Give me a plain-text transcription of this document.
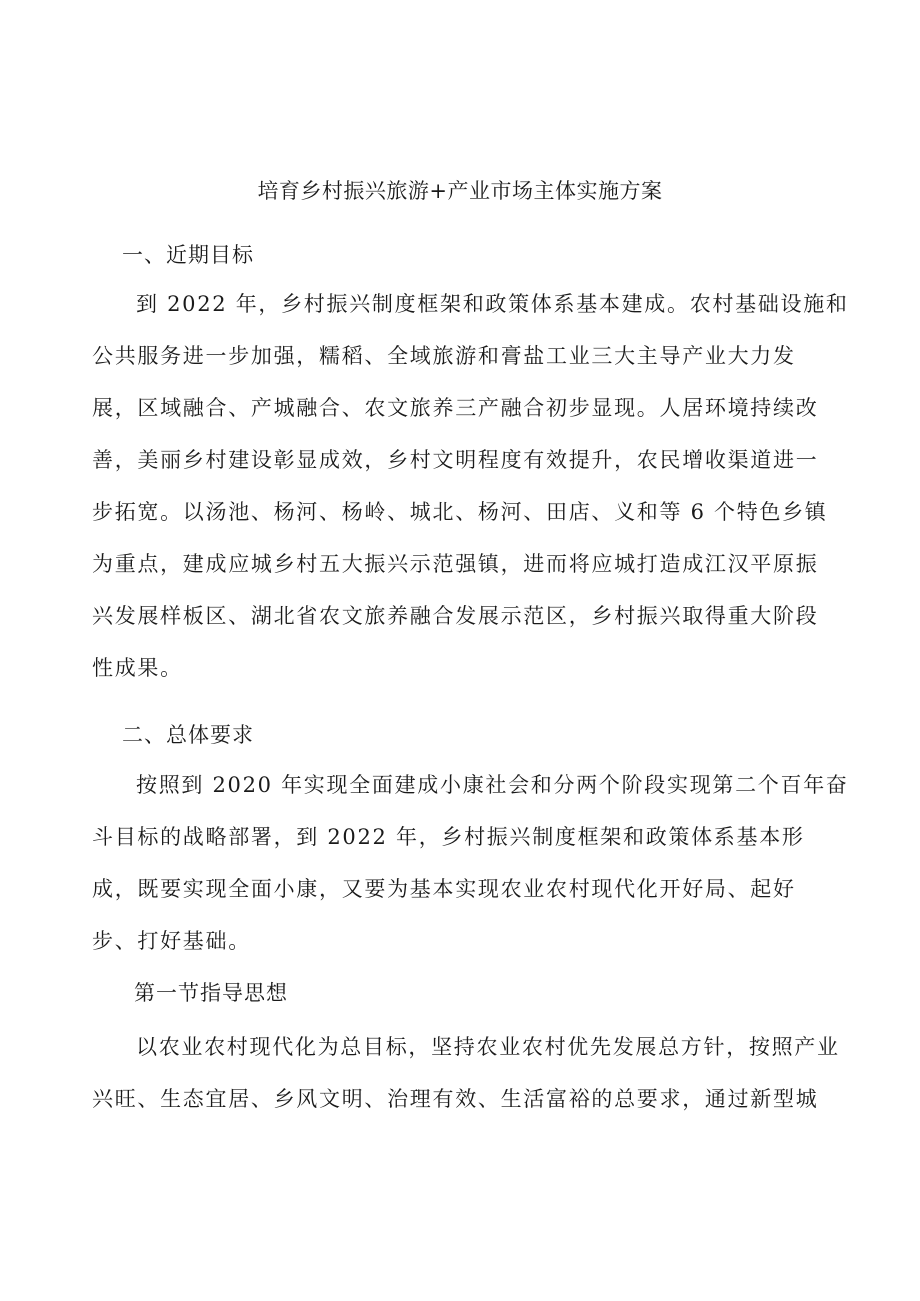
培育乡村振兴旅游+产业市场主体实施方案
一、近期目标
到 2022 年，乡村振兴制度框架和政策体系基本建成。农村基础设施和
公共服务进一步加强，糯稻、全域旅游和膏盐工业三大主导产业大力发
展，区域融合、产城融合、农文旅养三产融合初步显现。人居环境持续改
善，美丽乡村建设彰显成效，乡村文明程度有效提升，农民增收渠道进一
步拓宽。以汤池、杨河、杨岭、城北、杨河、田店、义和等 6 个特色乡镇
为重点，建成应城乡村五大振兴示范强镇，进而将应城打造成江汉平原振
兴发展样板区、湖北省农文旅养融合发展示范区，乡村振兴取得重大阶段
性成果。
二、总体要求
按照到 2020 年实现全面建成小康社会和分两个阶段实现第二个百年奋
斗目标的战略部署，到 2022 年，乡村振兴制度框架和政策体系基本形
成，既要实现全面小康，又要为基本实现农业农村现代化开好局、起好
步、打好基础。
第一节指导思想
以农业农村现代化为总目标，坚持农业农村优先发展总方针，按照产业
兴旺、生态宜居、乡风文明、治理有效、生活富裕的总要求，通过新型城
